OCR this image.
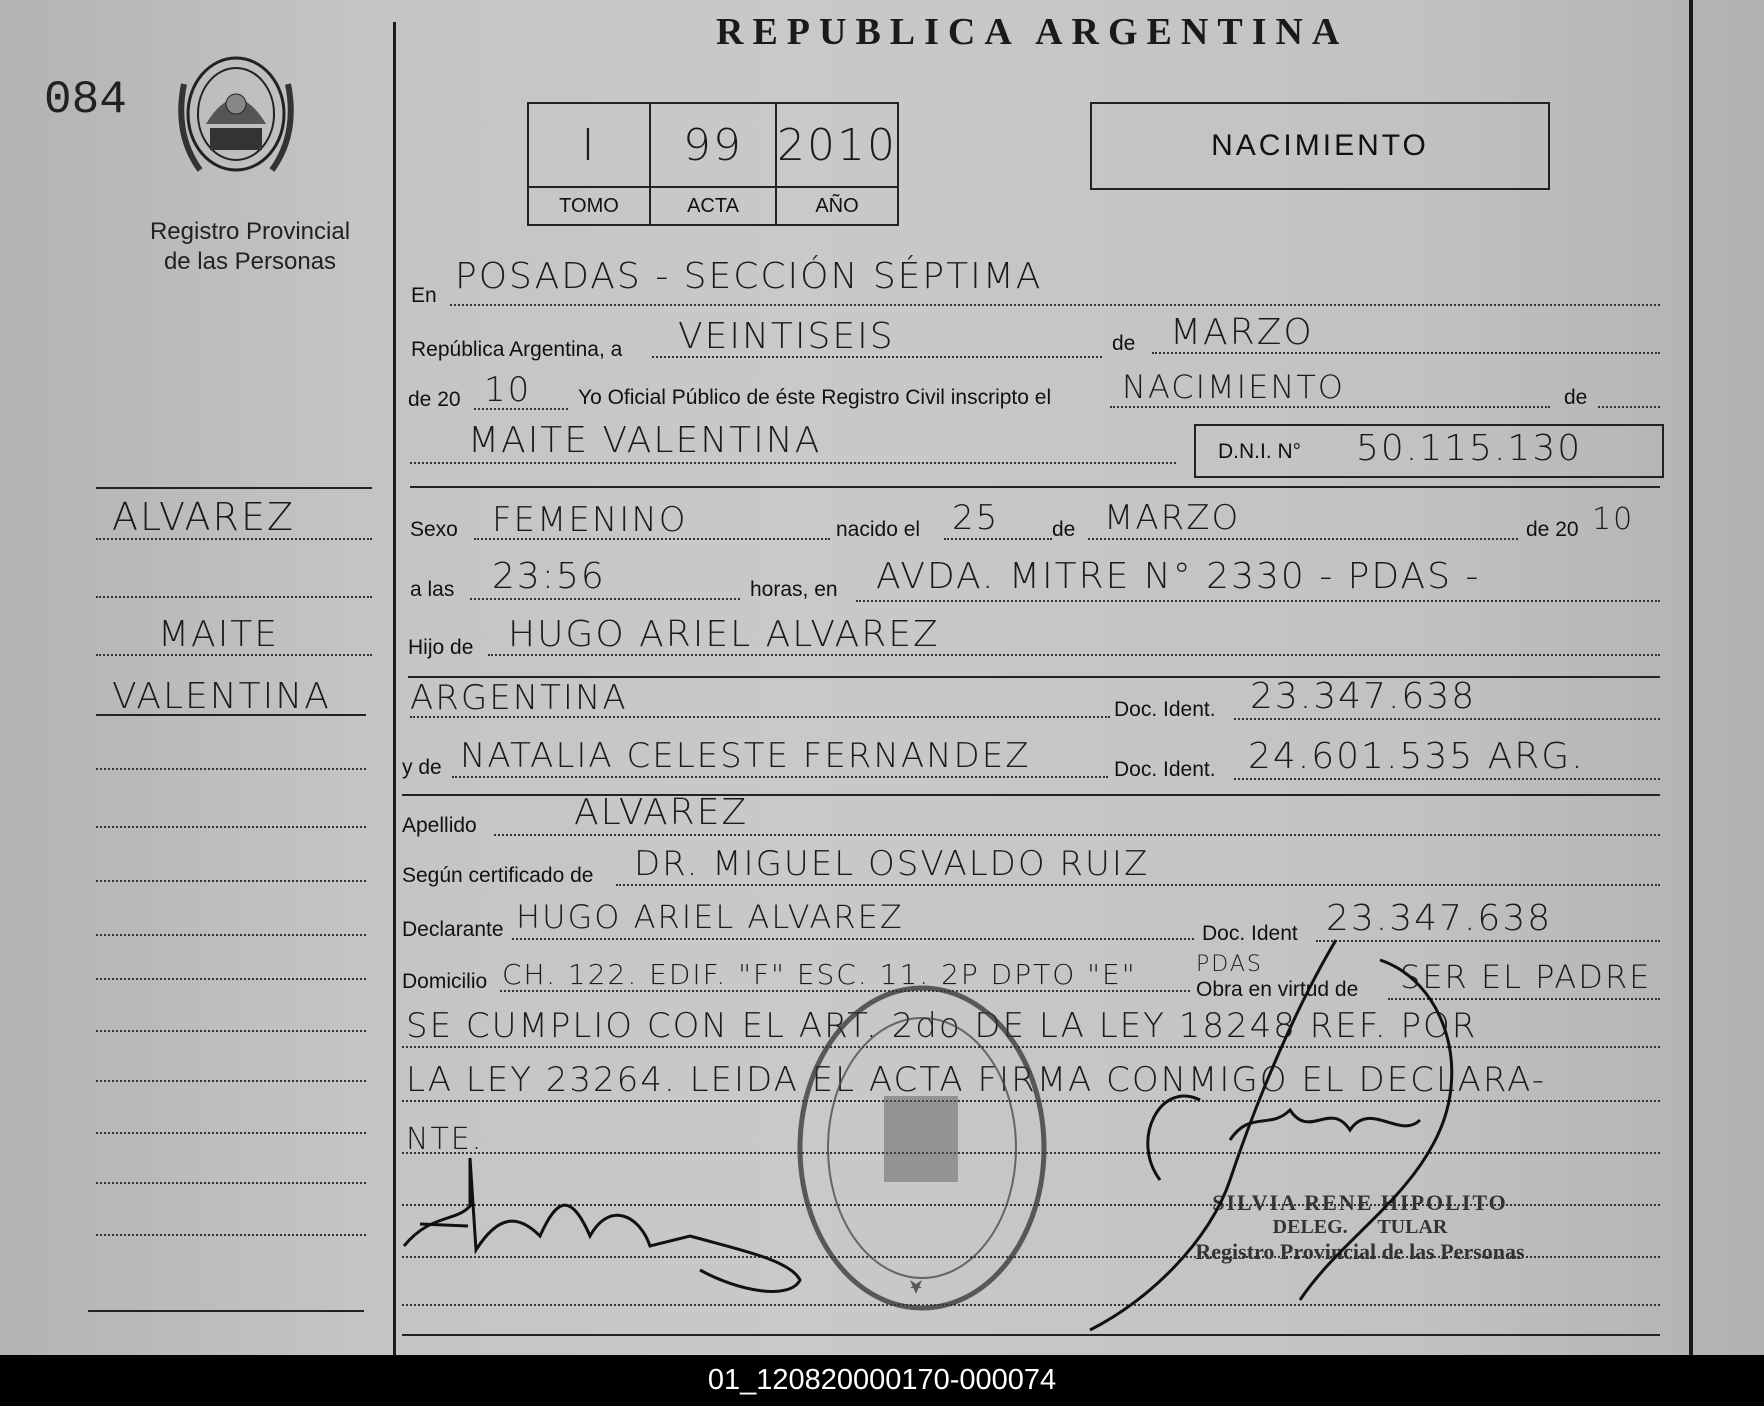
084
Registro Provincial
de las Personas
ALVAREZ
MAITE
VALENTINA
REPUBLICA ARGENTINA
I	99	2010
TOMO	ACTA	AÑO
NACIMIENTO
En POSADAS - SECCIÓN SÉPTIMA
República Argentina, a VEINTISEIS	de MARZO
de 20 10 Yo Oficial Público de éste Registro Civil inscripto el NACIMIENTO	de
MAITE VALENTINA	D.N.I. N° 50.115.130
Sexo FEMENINO	nacido el 25	de MARZO	de 20 10
a las 23:56	horas, en AVDA. MITRE N° 2330 - PDAS -
Hijo de HUGO ARIEL ALVAREZ
ARGENTINA	Doc. Ident. 23.347.638
y de NATALIA CELESTE FERNANDEZ	Doc. Ident. 24.601.535 ARG.
Apellido	ALVAREZ
Según certificado de DR. MIGUEL OSVALDO RUIZ
Declarante HUGO ARIEL ALVAREZ	Doc. Ident 23.347.638
Domicilio CH. 122. EDIF. "F" ESC. 11. 2P DPTO "E"	PDAS
Obra en virtud de SER EL PADRE
SE CUMPLIO CON EL ART. 2do DE LA LEY 18248 REF. POR
LA LEY 23264. LEIDA EL ACTA FIRMA CONMIGO EL DECLARA-
NTE.
SILVIA RENE HIPOLITO
DELEG.      TULAR
Registro Provincial de las Personas
01_120820000170-000074
